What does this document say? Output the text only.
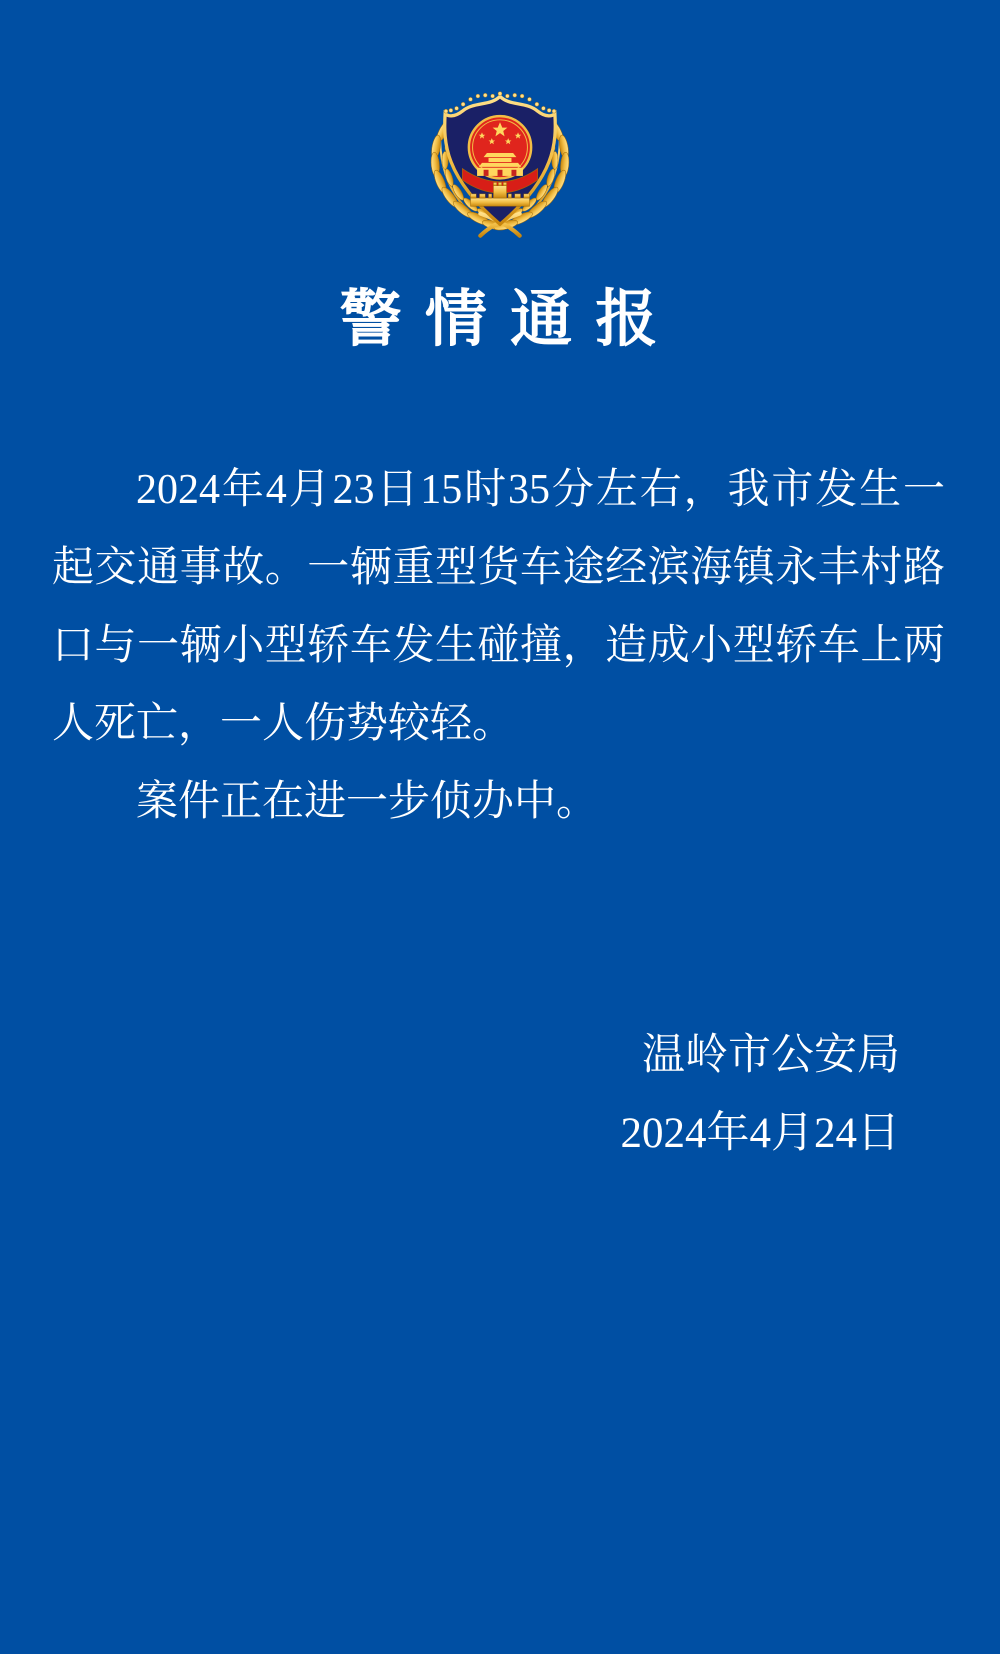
警 情 通 报

2024年4月23日15时35分左右，我市发生一起交通事故。一辆重型货车途经滨海镇永丰村路口与一辆小型轿车发生碰撞，造成小型轿车上两人死亡，一人伤势较轻。

案件正在进一步侦办中。

温岭市公安局
2024年4月24日
